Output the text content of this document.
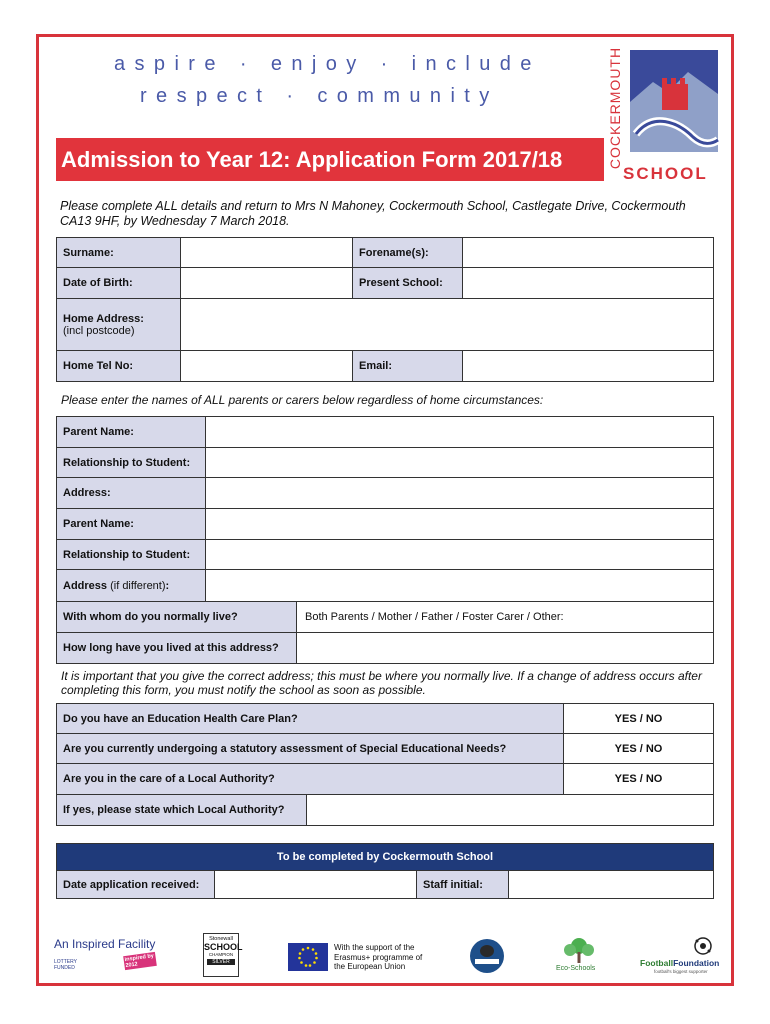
aspire · enjoy · include
respect · community	COCKERMOUTH
SCHOOL
Admission to Year 12: Application Form 2017/18
Please complete ALL details and return to Mrs N Mahoney, Cockermouth School, Castlegate Drive, Cockermouth CA13 9HF, by Wednesday 7 March 2018.
Surname:	Forename(s):
Date of Birth:	Present School:
Home Address:
(incl postcode)
Home Tel No:	Email:
Please enter the names of ALL parents or carers below regardless of home circumstances:
Parent Name:
Relationship to Student:
Address:
Parent Name:
Relationship to Student:
Address
(if different) :
With whom do you normally live?	Both Parents / Mother / Father / Foster Carer / Other:
How long have you lived at this address?
It is important that you give the correct address; this must be where you normally live. If a change of address occurs after completing this form, you must notify the school as soon as possible.
Do you have an Education Health Care Plan?	YES / NO
Are you currently undergoing a statutory assessment of Special Educational Needs?	YES / NO
Are you in the care of a Local Authority?	YES / NO
If yes, please state which Local Authority?
To be completed by Cockermouth School
Date application received:	Staff initial:
An Inspired Facility
LOTTERY FUNDED
inspired by 2012
Stonewall
SCHOOL
CHAMPION
SILVER
With the support of the Erasmus+ programme of the European Union	Eco-Schools
FootballFoundation
football's biggest supporter
